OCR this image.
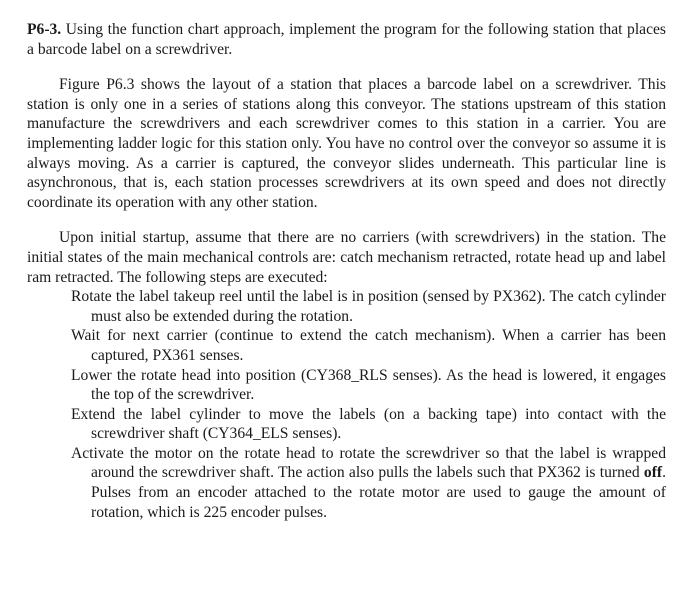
P6-3. Using the function chart approach, implement the program for the following station that places a barcode label on a screwdriver.

Figure P6.3 shows the layout of a station that places a barcode label on a screwdriver. This station is only one in a series of stations along this conveyor. The stations upstream of this station manufacture the screwdrivers and each screwdriver comes to this station in a carrier. You are implementing ladder logic for this station only. You have no control over the conveyor so assume it is always moving. As a carrier is captured, the conveyor slides underneath. This particular line is asynchronous, that is, each station processes screwdrivers at its own speed and does not directly coordinate its operation with any other station.

Upon initial startup, assume that there are no carriers (with screwdrivers) in the station. The initial states of the main mechanical controls are: catch mechanism retracted, rotate head up and label ram retracted. The following steps are executed:

Rotate the label takeup reel until the label is in position (sensed by PX362). The catch cylinder must also be extended during the rotation.
Wait for next carrier (continue to extend the catch mechanism). When a carrier has been captured, PX361 senses.
Lower the rotate head into position (CY368_RLS senses). As the head is lowered, it engages the top of the screwdriver.
Extend the label cylinder to move the labels (on a backing tape) into contact with the screwdriver shaft (CY364_ELS senses).
Activate the motor on the rotate head to rotate the screwdriver so that the label is wrapped around the screwdriver shaft. The action also pulls the labels such that PX362 is turned off. Pulses from an encoder attached to the rotate motor are used to gauge the amount of rotation, which is 225 encoder pulses.
